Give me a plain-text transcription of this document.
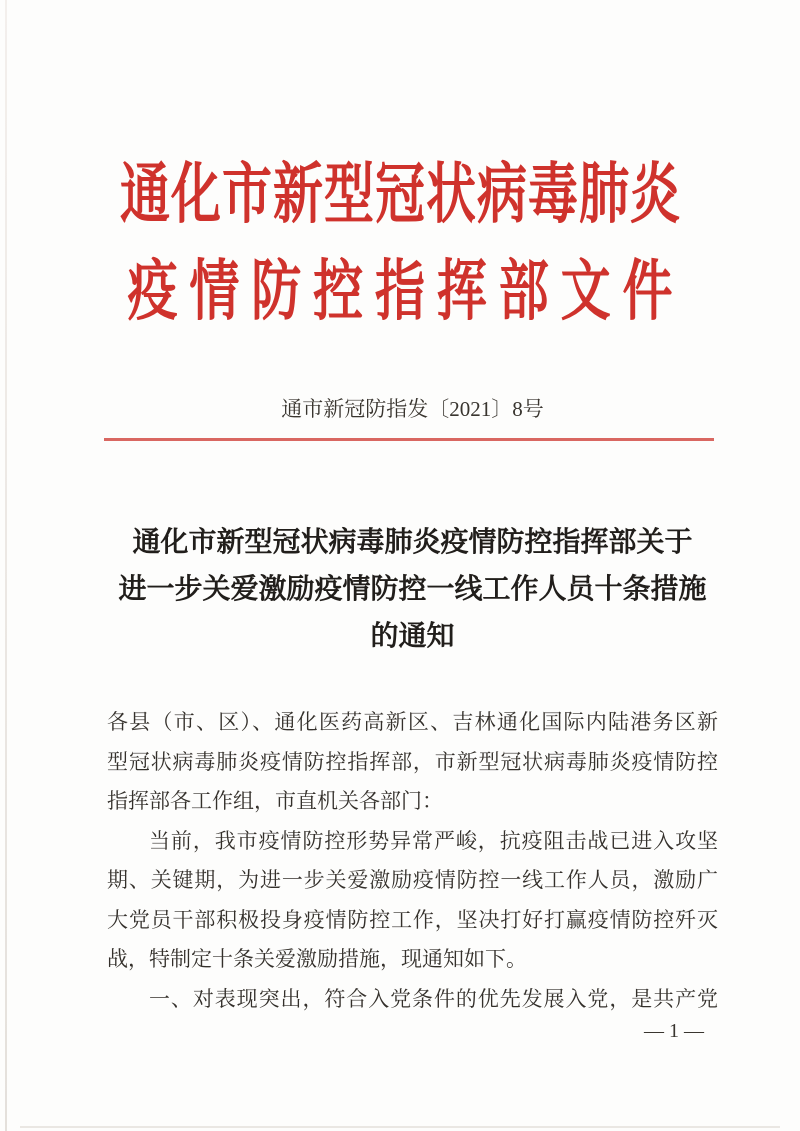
通化市新型冠状病毒肺炎
疫情防控指挥部文件
通市新冠防指发〔2021〕8号
通化市新型冠状病毒肺炎疫情防控指挥部关于
进一步关爱激励疫情防控一线工作人员十条措施
的通知
各县（市、区）、通化医药高新区、吉林通化国际内陆港务区新
型冠状病毒肺炎疫情防控指挥部，市新型冠状病毒肺炎疫情防控
指挥部各工作组，市直机关各部门：
当前，我市疫情防控形势异常严峻，抗疫阻击战已进入攻坚
期、关键期，为进一步关爱激励疫情防控一线工作人员，激励广
大党员干部积极投身疫情防控工作，坚决打好打赢疫情防控歼灭
战，特制定十条关爱激励措施，现通知如下。
一、对表现突出，符合入党条件的优先发展入党，是共产党
— 1 —
